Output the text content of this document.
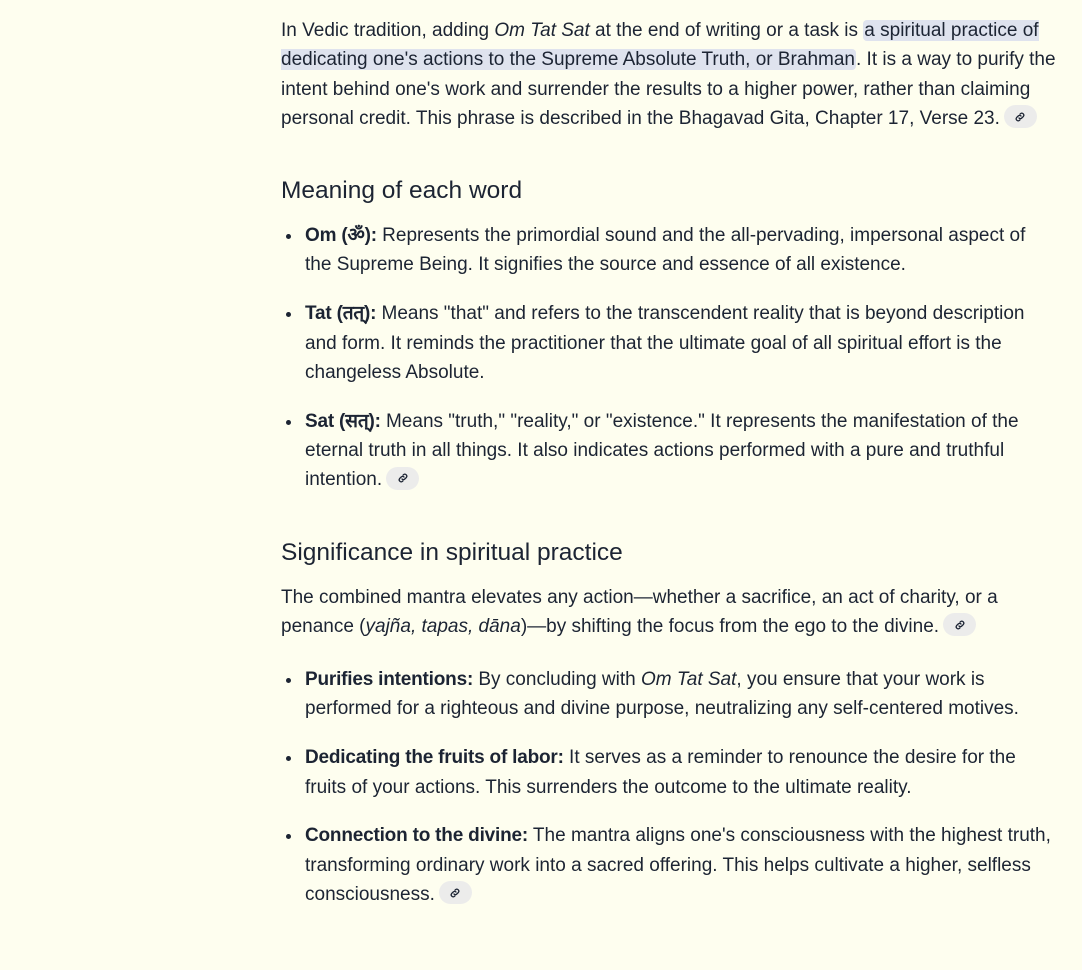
In Vedic tradition, adding Om Tat Sat at the end of writing or a task is a spiritual practice of dedicating one's actions to the Supreme Absolute Truth, or Brahman. It is a way to purify the intent behind one's work and surrender the results to a higher power, rather than claiming personal credit. This phrase is described in the Bhagavad Gita, Chapter 17, Verse 23.

Meaning of each word
Om (ॐ): Represents the primordial sound and the all-pervading, impersonal aspect of the Supreme Being. It signifies the source and essence of all existence.
Tat (तत्): Means "that" and refers to the transcendent reality that is beyond description and form. It reminds the practitioner that the ultimate goal of all spiritual effort is the changeless Absolute.
Sat (सत्): Means "truth," "reality," or "existence." It represents the manifestation of the eternal truth in all things. It also indicates actions performed with a pure and truthful intention.
Significance in spiritual practice

The combined mantra elevates any action—whether a sacrifice, an act of charity, or a penance (yajña, tapas, dāna)—by shifting the focus from the ego to the divine.

Purifies intentions: By concluding with Om Tat Sat, you ensure that your work is performed for a righteous and divine purpose, neutralizing any self-centered motives.
Dedicating the fruits of labor: It serves as a reminder to renounce the desire for the fruits of your actions. This surrenders the outcome to the ultimate reality.
Connection to the divine: The mantra aligns one's consciousness with the highest truth, transforming ordinary work into a sacred offering. This helps cultivate a higher, selfless consciousness.
